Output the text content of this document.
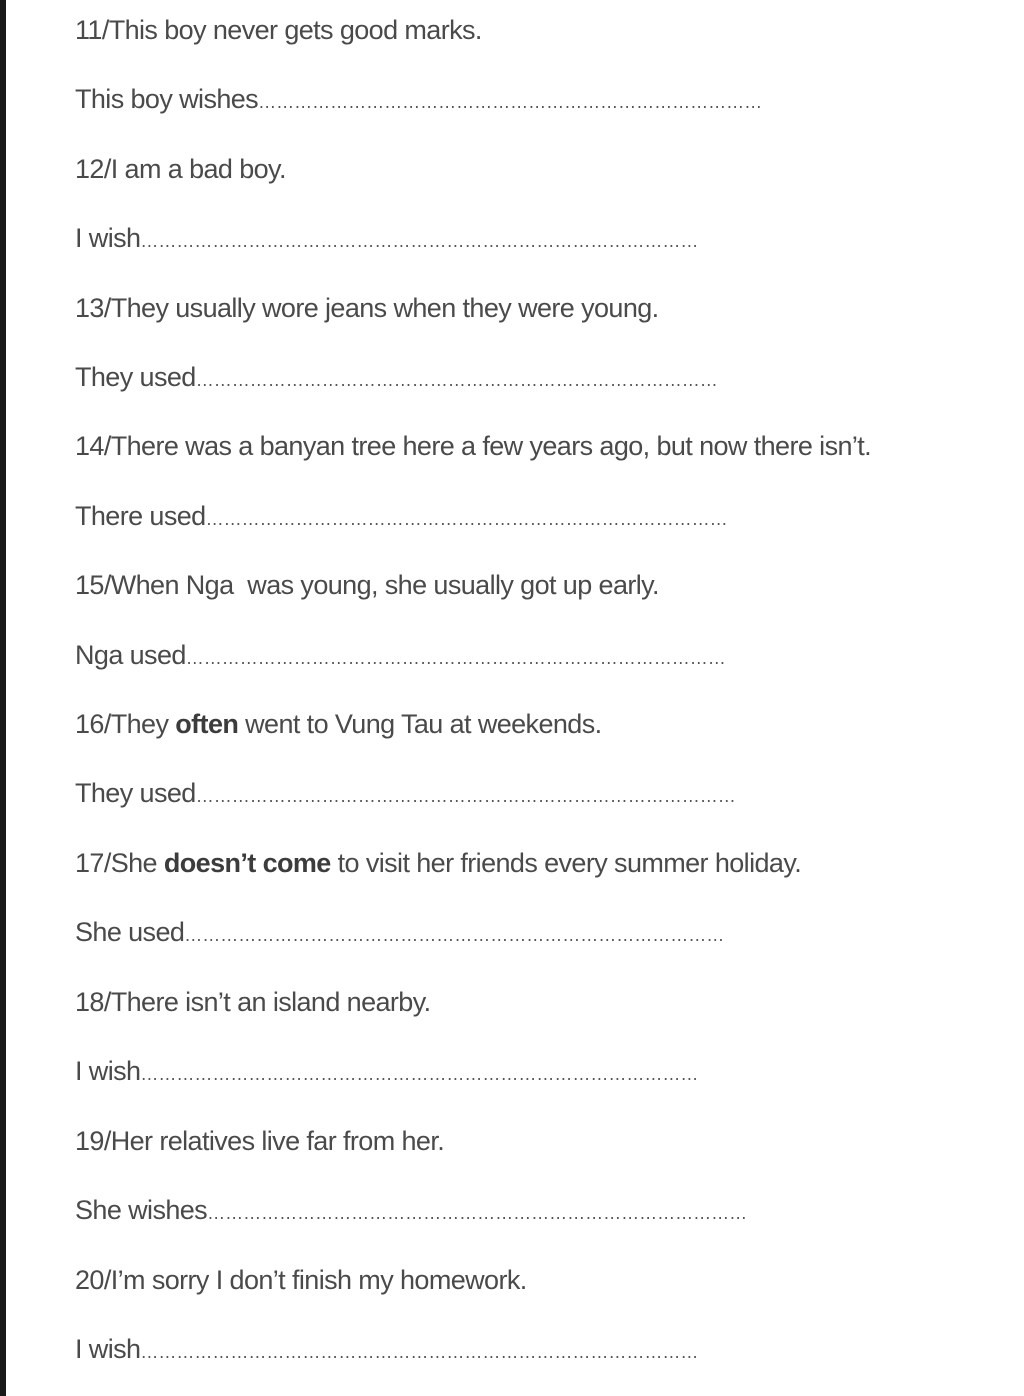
11/This boy never gets good marks.
This boy wishes…………………………………………………………………………
12/I am a bad boy.
I wish…………………………………………………………………………………
13/They usually wore jeans when they were young.
They used……………………………………………………………………………
14/There was a banyan tree here a few years ago, but now there isn’t.
There used……………………………………………………………………………
15/When Nga  was young, she usually got up early.
Nga used………………………………………………………………………………
16/They often went to Vung Tau at weekends.
They used………………………………………………………………………………
17/She doesn’t come to visit her friends every summer holiday.
She used………………………………………………………………………………
18/There isn’t an island nearby.
I wish…………………………………………………………………………………
19/Her relatives live far from her.
She wishes………………………………………………………………………………
20/I’m sorry I don’t finish my homework.
I wish…………………………………………………………………………………
